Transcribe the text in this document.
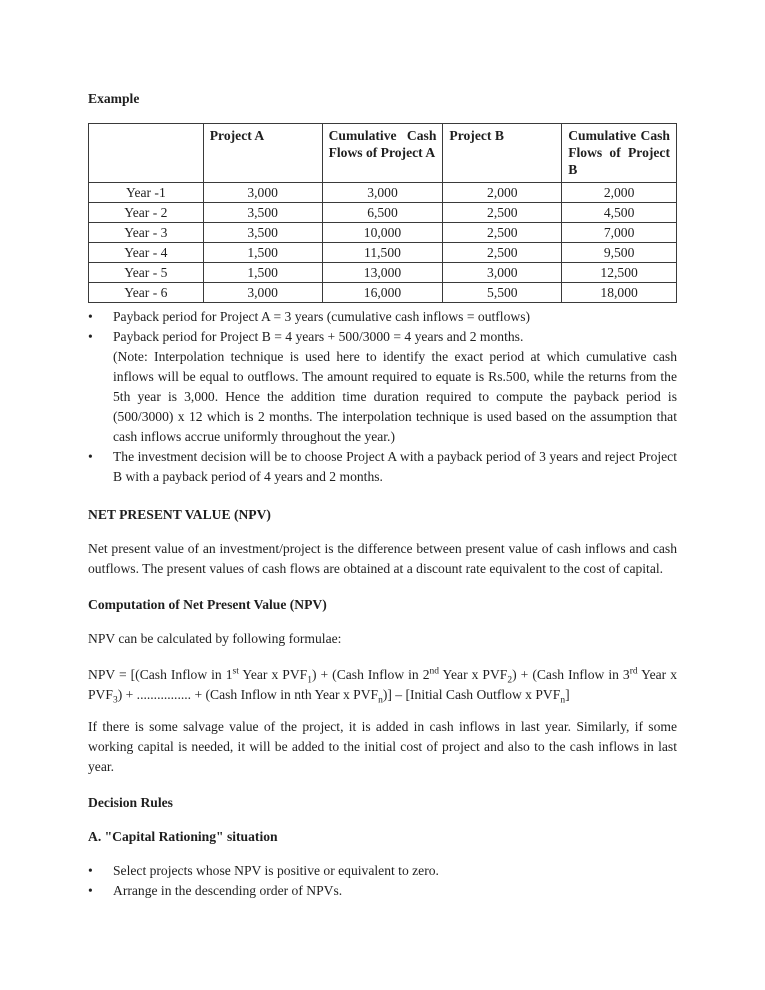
Example

	Project A	Cumulative Cash Flows of Project A	Project B	Cumulative Cash Flows of Project B
Year -1	3,000	3,000	2,000	2,000
Year - 2	3,500	6,500	2,500	4,500
Year - 3	3,500	10,000	2,500	7,000
Year - 4	1,500	11,500	2,500	9,500
Year - 5	1,500	13,000	3,000	12,500
Year - 6	3,000	16,000	5,500	18,000
•	Payback period for Project A = 3 years (cumulative cash inflows = outflows)
•	Payback period for Project B = 4 years + 500/3000 = 4 years and 2 months.
(Note: Interpolation technique is used here to identify the exact period at which cumulative cash inflows will be equal to outflows. The amount required to equate is Rs.500, while the returns from the 5th year is 3,000. Hence the addition time duration required to compute the payback period is (500/3000) x 12 which is 2 months. The interpolation technique is used based on the assumption that cash inflows accrue uniformly throughout the year.)
•	The investment decision will be to choose Project A with a payback period of 3 years and reject Project B with a payback period of 4 years and 2 months.

NET PRESENT VALUE (NPV)

Net present value of an investment/project is the difference between present value of cash inflows and cash outflows. The present values of cash flows are obtained at a discount rate equivalent to the cost of capital.

Computation of Net Present Value (NPV)

NPV can be calculated by following formulae:

NPV = [(Cash Inflow in 1st Year x $PVF_1$) + (Cash Inflow in 2nd Year x $PVF_2$) + (Cash Inflow in 3rd Year x $PVF_3$) + ................ + (Cash Inflow in nth Year x $PVF_n$)] – [Initial Cash Outflow x $PVF_n$]

If there is some salvage value of the project, it is added in cash inflows in last year. Similarly, if some working capital is needed, it will be added to the initial cost of project and also to the cash inflows in last year.

Decision Rules

A. "Capital Rationing" situation

•	Select projects whose NPV is positive or equivalent to zero.
•	Arrange in the descending order of NPVs.
